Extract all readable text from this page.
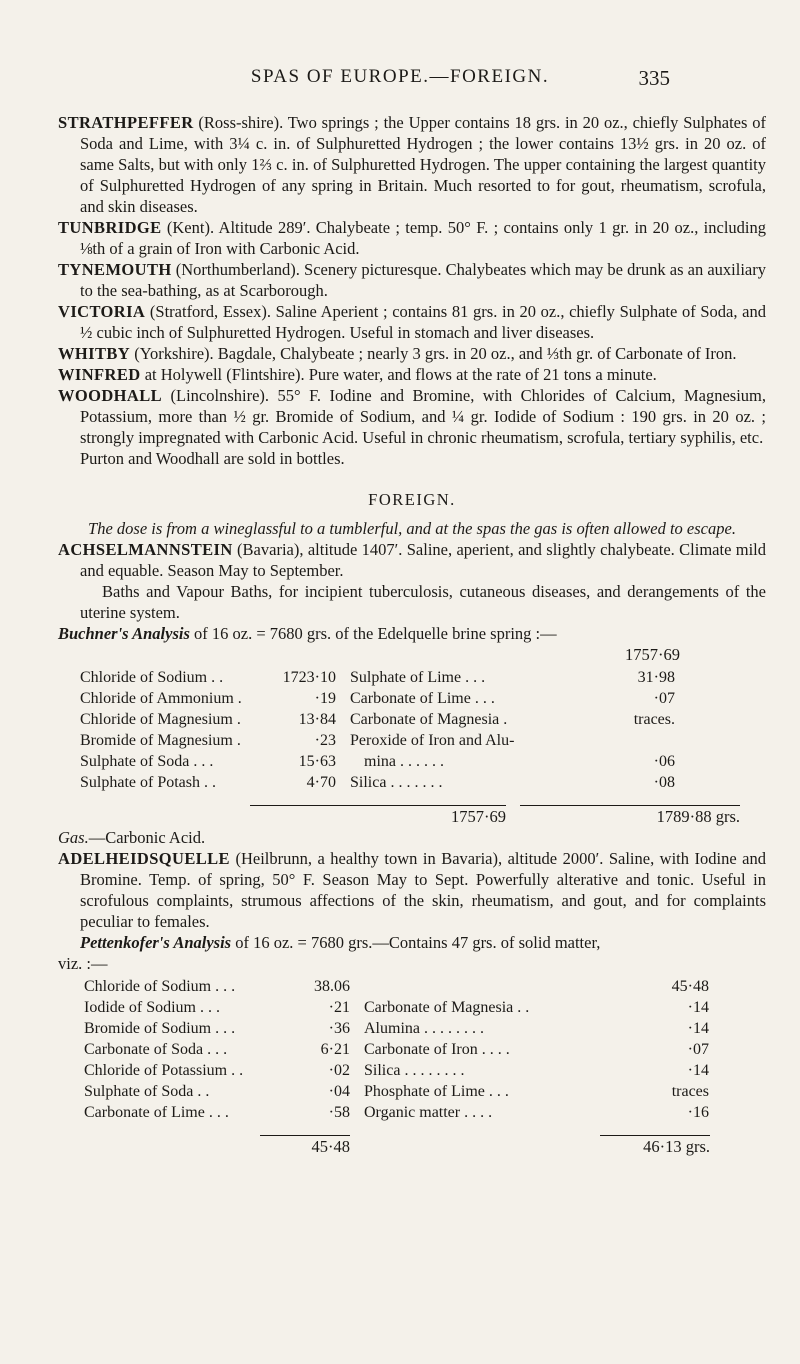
SPAS OF EUROPE.—FOREIGN.	335

STRATHPEFFER (Ross-shire). Two springs ; the Upper contains 18 grs. in 20 oz., chiefly Sulphates of Soda and Lime, with 3¼ c. in. of Sulphuretted Hydrogen ; the lower contains 13½ grs. in 20 oz. of same Salts, but with only 1⅔ c. in. of Sulphuretted Hydrogen. The upper containing the largest quantity of Sulphuretted Hydrogen of any spring in Britain. Much resorted to for gout, rheumatism, scrofula, and skin diseases.

TUNBRIDGE (Kent). Altitude 289′. Chalybeate ; temp. 50° F. ; contains only 1 gr. in 20 oz., including ⅛th of a grain of Iron with Carbonic Acid.

TYNEMOUTH (Northumberland). Scenery picturesque. Chalybeates which may be drunk as an auxiliary to the sea-bathing, as at Scarborough.

VICTORIA (Stratford, Essex). Saline Aperient ; contains 81 grs. in 20 oz., chiefly Sulphate of Soda, and ½ cubic inch of Sulphuretted Hydrogen. Useful in stomach and liver diseases.

WHITBY (Yorkshire). Bagdale, Chalybeate ; nearly 3 grs. in 20 oz., and ⅓th gr. of Carbonate of Iron.

WINFRED at Holywell (Flintshire). Pure water, and flows at the rate of 21 tons a minute.

WOODHALL (Lincolnshire). 55° F. Iodine and Bromine, with Chlorides of Calcium, Magnesium, Potassium, more than ½ gr. Bromide of Sodium, and ¼ gr. Iodide of Sodium : 190 grs. in 20 oz. ; strongly impregnated with Carbonic Acid. Useful in chronic rheumatism, scrofula, tertiary syphilis, etc.

Purton and Woodhall are sold in bottles.

FOREIGN.

The dose is from a wineglassful to a tumblerful, and at the spas the gas is often allowed to escape.

ACHSELMANNSTEIN (Bavaria), altitude 1407′. Saline, aperient, and slightly chalybeate. Climate mild and equable. Season May to September.

Baths and Vapour Baths, for incipient tuberculosis, cutaneous diseases, and derangements of the uterine system.

Buchner's Analysis of 16 oz. = 7680 grs. of the Edelquelle brine spring :—

1757·69
Chloride of Sodium . .	1723·10 Sulphate of Lime . . .	31·98
Chloride of Ammonium .	·19 Carbonate of Lime . . .	·07
Chloride of Magnesium .	13·84 Carbonate of Magnesia .	traces.
Bromide of Magnesium .	·23 Peroxide of Iron and Alu-
Sulphate of Soda . . .	15·63	mina . . . . . .	·06
Sulphate of Potash . .	4·70 Silica . . . . . . .	·08
1757·69	1789·88 grs.

Gas.—Carbonic Acid.

ADELHEIDSQUELLE (Heilbrunn, a healthy town in Bavaria), altitude 2000′. Saline, with Iodine and Bromine. Temp. of spring, 50° F. Season May to Sept. Powerfully alterative and tonic. Useful in scrofulous complaints, strumous affections of the skin, rheumatism, and gout, and for complaints peculiar to females.

Pettenkofer's Analysis of 16 oz. = 7680 grs.—Contains 47 grs. of solid matter,

viz. :—

Chloride of Sodium . . .	38.06	45·48
Iodide of Sodium . . .	·21 Carbonate of Magnesia . .	·14
Bromide of Sodium . . .	·36 Alumina . . . . . . . .	·14
Carbonate of Soda . . .	6·21 Carbonate of Iron . . . .	·07
Chloride of Potassium . .	·02 Silica . . . . . . . .	·14
Sulphate of Soda . .	·04 Phosphate of Lime . . .	traces
Carbonate of Lime . . .	·58 Organic matter . . . .	·16
45·48	46·13 grs.
